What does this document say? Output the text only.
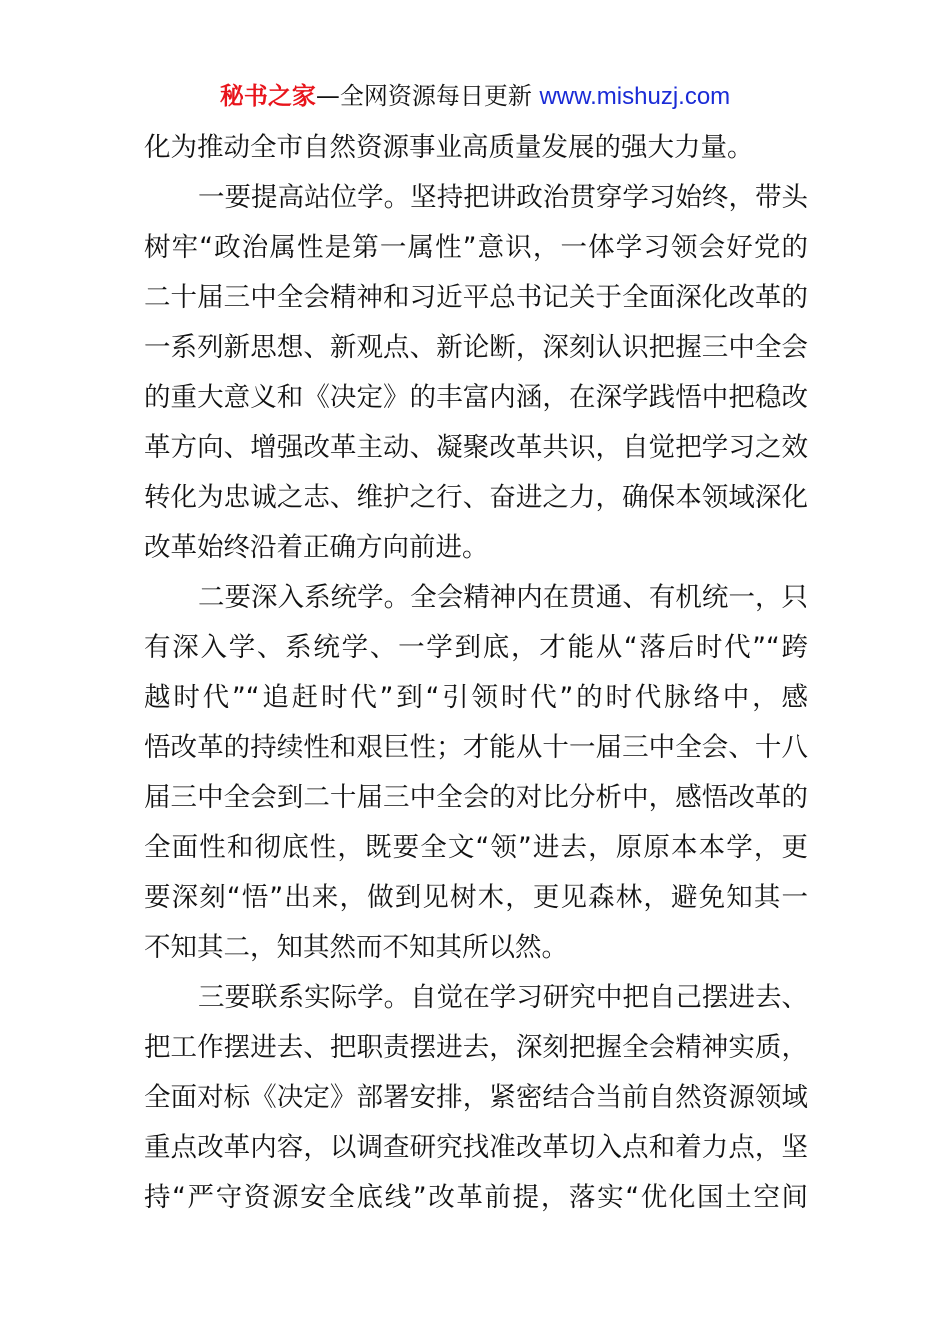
秘书之家—全网资源每日更新 www.mishuzj.com
化为推动全市自然资源事业高质量发展的强大力量。
一要提高站位学。坚持把讲政治贯穿学习始终，带头
树牢“政治属性是第一属性”意识，一体学习领会好党的
二十届三中全会精神和习近平总书记关于全面深化改革的
一系列新思想、新观点、新论断，深刻认识把握三中全会
的重大意义和《决定》的丰富内涵，在深学践悟中把稳改
革方向、增强改革主动、凝聚改革共识，自觉把学习之效
转化为忠诚之志、维护之行、奋进之力，确保本领域深化
改革始终沿着正确方向前进。
二要深入系统学。全会精神内在贯通、有机统一，只
有深入学、系统学、一学到底，才能从“落后时代”“跨
越时代”“追赶时代”到“引领时代”的时代脉络中，感
悟改革的持续性和艰巨性；才能从十一届三中全会、十八
届三中全会到二十届三中全会的对比分析中，感悟改革的
全面性和彻底性，既要全文“领”进去，原原本本学，更
要深刻“悟”出来，做到见树木，更见森林，避免知其一
不知其二，知其然而不知其所以然。
三要联系实际学。自觉在学习研究中把自己摆进去、
把工作摆进去、把职责摆进去，深刻把握全会精神实质，
全面对标《决定》部署安排，紧密结合当前自然资源领域
重点改革内容，以调查研究找准改革切入点和着力点，坚
持“严守资源安全底线”改革前提，落实“优化国土空间
